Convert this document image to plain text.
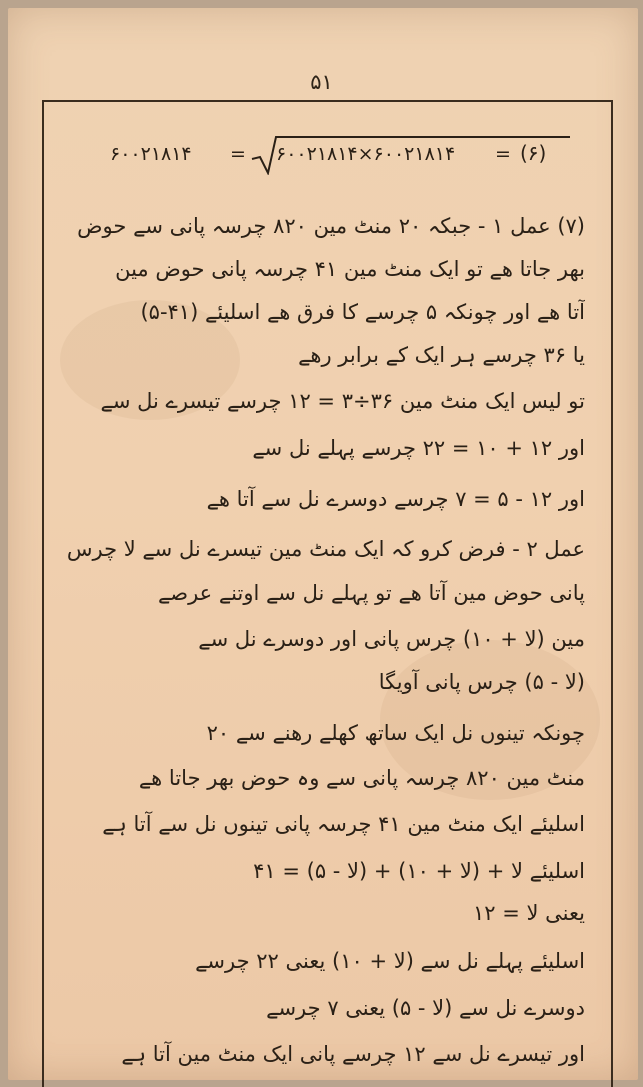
۵۱
۶۰۰۲۱۸۱۴ = ۶۰۰۲۱۸۱۴×۶۰۰۲۱۸۱۴ = (۶)
(۷) عمل ۱ - جبکہ ۲۰ منٹ مین ۸۲۰ چرسہ پانی سے حوض
بھر جاتا ھے تو ایک منٹ مین ۴۱ چرسہ پانی حوض مین
آتا ھے اور چونکہ ۵ چرسے کا فرق ھے اسلیئے (۴۱-۵)
یا ۳۶ چرسے ہر ایک کے برابر رھے
تو لیس ایک منٹ مین ۳۶÷۳ = ۱۲ چرسے تیسرے نل سے
اور ۱۲ + ۱۰ = ۲۲ چرسے پہلے نل سے
اور ۱۲ - ۵ = ۷ چرسے دوسرے نل سے آتا ھے
عمل ۲ - فرض کرو کہ ایک منٹ مین تیسرے نل سے لا چرس
پانی حوض مین آتا ھے تو پہلے نل سے اوتنے عرصے
مین (لا + ۱۰) چرس پانی اور دوسرے نل سے
(لا - ۵) چرس پانی آویگا
چونکہ تینوں نل ایک ساتھ کھلے رھنے سے ۲۰
منٹ مین ۸۲۰ چرسہ پانی سے وہ حوض بھر جاتا ھے
اسلیئے ایک منٹ مین ۴۱ چرسہ پانی تینوں نل سے آتا ہے
اسلیئے لا + (لا + ۱۰) + (لا - ۵) = ۴۱
یعنی لا = ۱۲
اسلیئے پہلے نل سے (لا + ۱۰) یعنی ۲۲ چرسے
دوسرے نل سے (لا - ۵) یعنی ۷ چرسے
اور تیسرے نل سے ۱۲ چرسے پانی ایک منٹ مین آتا ہے
